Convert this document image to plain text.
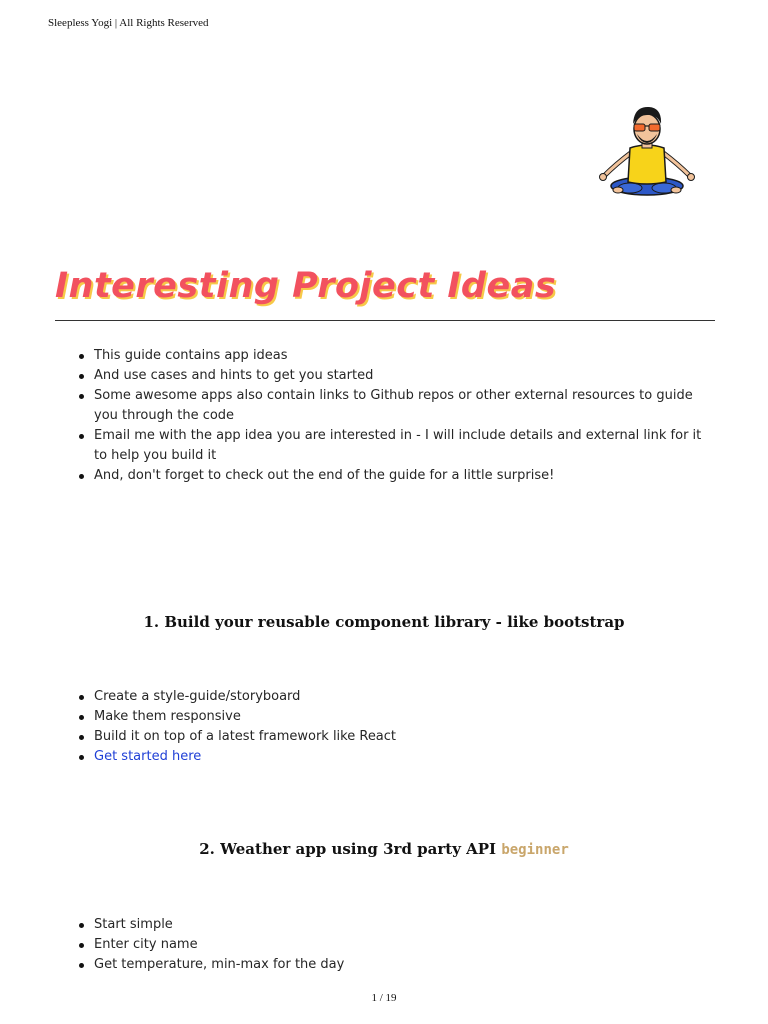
Sleepless Yogi | All Rights Reserved
Interesting Project Ideas
This guide contains app ideas
And use cases and hints to get you started
Some awesome apps also contain links to Github repos or other external resources to guide you through the code
Email me with the app idea you are interested in - I will include details and external link for it to help you build it
And, don't forget to check out the end of the guide for a little surprise!
1. Build your reusable component library - like bootstrap
Create a style-guide/storyboard
Make them responsive
Build it on top of a latest framework like React
Get started here
2. Weather app using 3rd party API beginner
Start simple
Enter city name
Get temperature, min-max for the day
1 / 19
